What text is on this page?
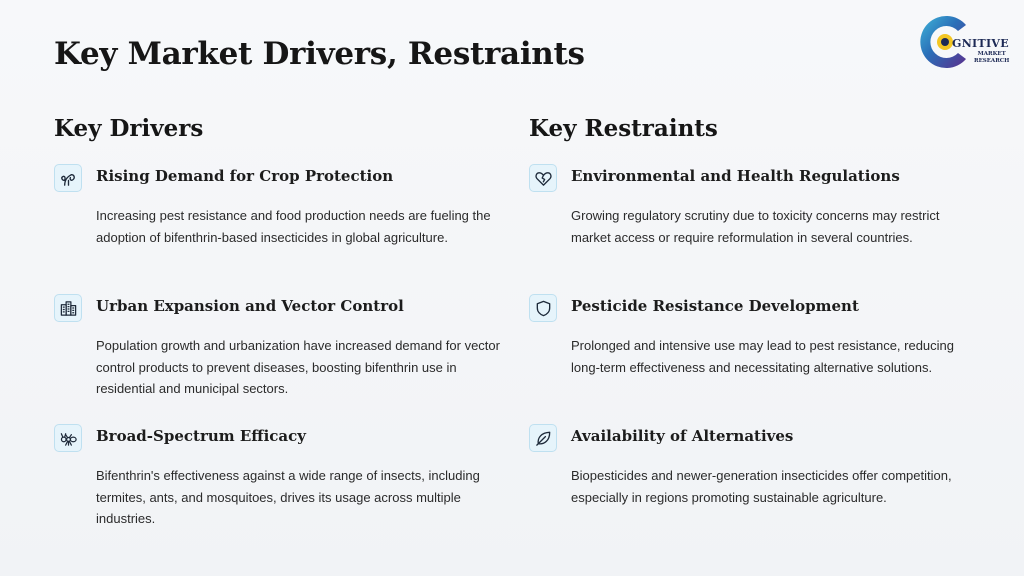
Key Market Drivers, Restraints	GNITIVE
MARKET
RESEARCH
Key Drivers
Rising Demand for Crop Protection

Increasing pest resistance and food production needs are fueling the adoption of bifenthrin-based insecticides in global agriculture.

Urban Expansion and Vector Control

Population growth and urbanization have increased demand for vector control products to prevent diseases, boosting bifenthrin use in residential and municipal sectors.

Broad-Spectrum Efficacy

Bifenthrin's effectiveness against a wide range of insects, including termites, ants, and mosquitoes, drives its usage across multiple industries.

Key Restraints
Environmental and Health Regulations

Growing regulatory scrutiny due to toxicity concerns may restrict market access or require reformulation in several countries.

Pesticide Resistance Development

Prolonged and intensive use may lead to pest resistance, reducing long-term effectiveness and necessitating alternative solutions.

Availability of Alternatives

Biopesticides and newer-generation insecticides offer competition, especially in regions promoting sustainable agriculture.
